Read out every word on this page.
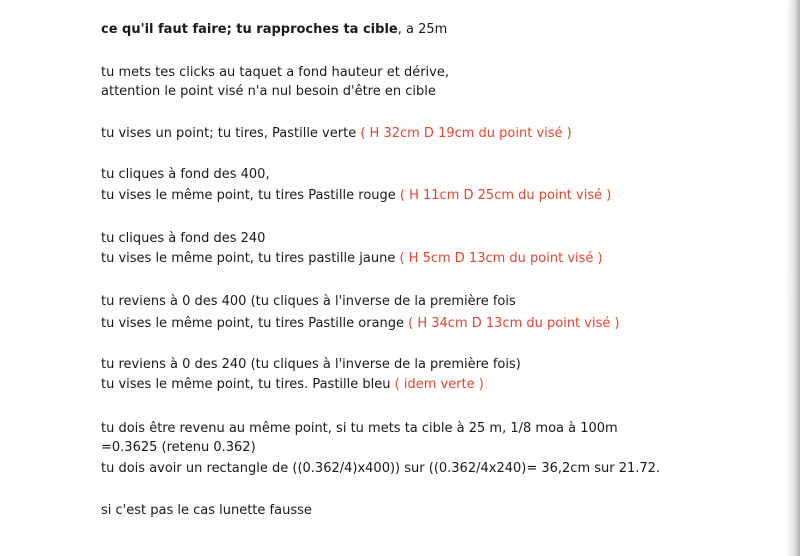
ce qu'il faut faire; tu rapproches ta cible, a 25m

tu mets tes clicks au taquet a fond hauteur et dérive,

attention le point visé n'a nul besoin d'être en cible

tu vises un point; tu tires, Pastille verte ( H 32cm D 19cm du point visé )

tu cliques à fond des 400,

tu vises le même point, tu tires Pastille rouge ( H 11cm D 25cm du point visé )

tu cliques à fond des 240

tu vises le même point, tu tires pastille jaune ( H 5cm D 13cm du point visé )

tu reviens à 0 des 400 (tu cliques à l'inverse de la première fois

tu vises le même point, tu tires Pastille orange ( H 34cm D 13cm du point visé )

tu reviens à 0 des 240 (tu cliques à l'inverse de la première fois)

tu vises le même point, tu tires. Pastille bleu ( idem verte )

tu dois être revenu au même point, si tu mets ta cible à 25 m, 1/8 moa à 100m

=0.3625 (retenu 0.362)

tu dois avoir un rectangle de ((0.362/4)x400)) sur ((0.362/4x240)= 36,2cm sur 21.72.

si c'est pas le cas lunette fausse
